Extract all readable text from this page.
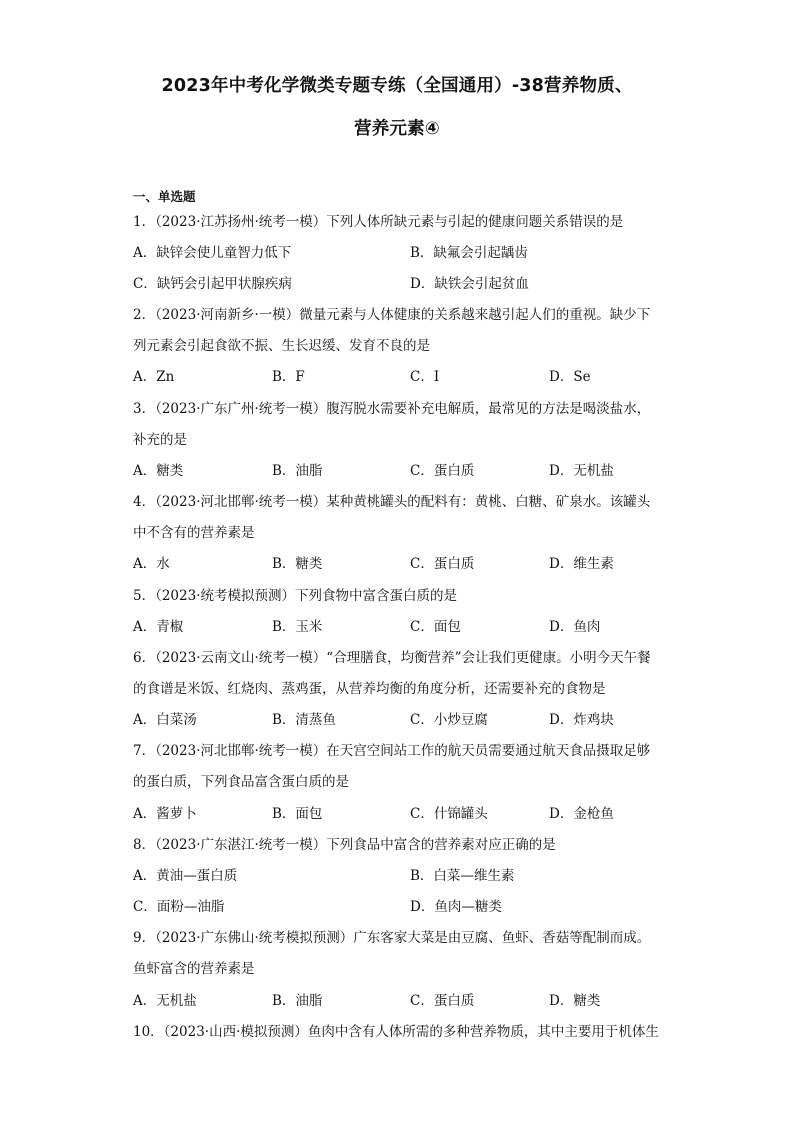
2023年中考化学微类专题专练（全国通用）-38营养物质、
营养元素④
一、单选题
1．（2023·江苏扬州·统考一模）下列人体所缺元素与引起的健康问题关系错误的是
A．缺锌会使儿童智力低下	B．缺氟会引起龋齿
C．缺钙会引起甲状腺疾病	D．缺铁会引起贫血
2．（2023·河南新乡·一模）微量元素与人体健康的关系越来越引起人们的重视。缺少下
列元素会引起食欲不振、生长迟缓、发育不良的是
A．Zn	B．F	C．I	D．Se
3．（2023·广东广州·统考一模）腹泻脱水需要补充电解质，最常见的方法是喝淡盐水，
补充的是
A．糖类	B．油脂	C．蛋白质	D．无机盐
4．（2023·河北邯郸·统考一模）某种黄桃罐头的配料有：黄桃、白糖、矿泉水。该罐头
中不含有的营养素是
A．水	B．糖类	C．蛋白质	D．维生素
5．（2023·统考模拟预测）下列食物中富含蛋白质的是
A．青椒	B．玉米	C．面包	D．鱼肉
6．（2023·云南文山·统考一模）“合理膳食，均衡营养”会让我们更健康。小明今天午餐
的食谱是米饭、红烧肉、蒸鸡蛋，从营养均衡的角度分析，还需要补充的食物是
A．白菜汤	B．清蒸鱼	C．小炒豆腐	D．炸鸡块
7．（2023·河北邯郸·统考一模）在天宫空间站工作的航天员需要通过航天食品摄取足够
的蛋白质，下列食品富含蛋白质的是
A．酱萝卜	B．面包	C．什锦罐头	D．金枪鱼
8．（2023·广东湛江·统考一模）下列食品中富含的营养素对应正确的是
A．黄油—蛋白质	B．白菜—维生素
C．面粉—油脂	D．鱼肉—糖类
9．（2023·广东佛山·统考模拟预测）广东客家大菜是由豆腐、鱼虾、香菇等配制而成。
鱼虾富含的营养素是
A．无机盐	B．油脂	C．蛋白质	D．糖类
10．（2023·山西·模拟预测）鱼肉中含有人体所需的多种营养物质，其中主要用于机体生
